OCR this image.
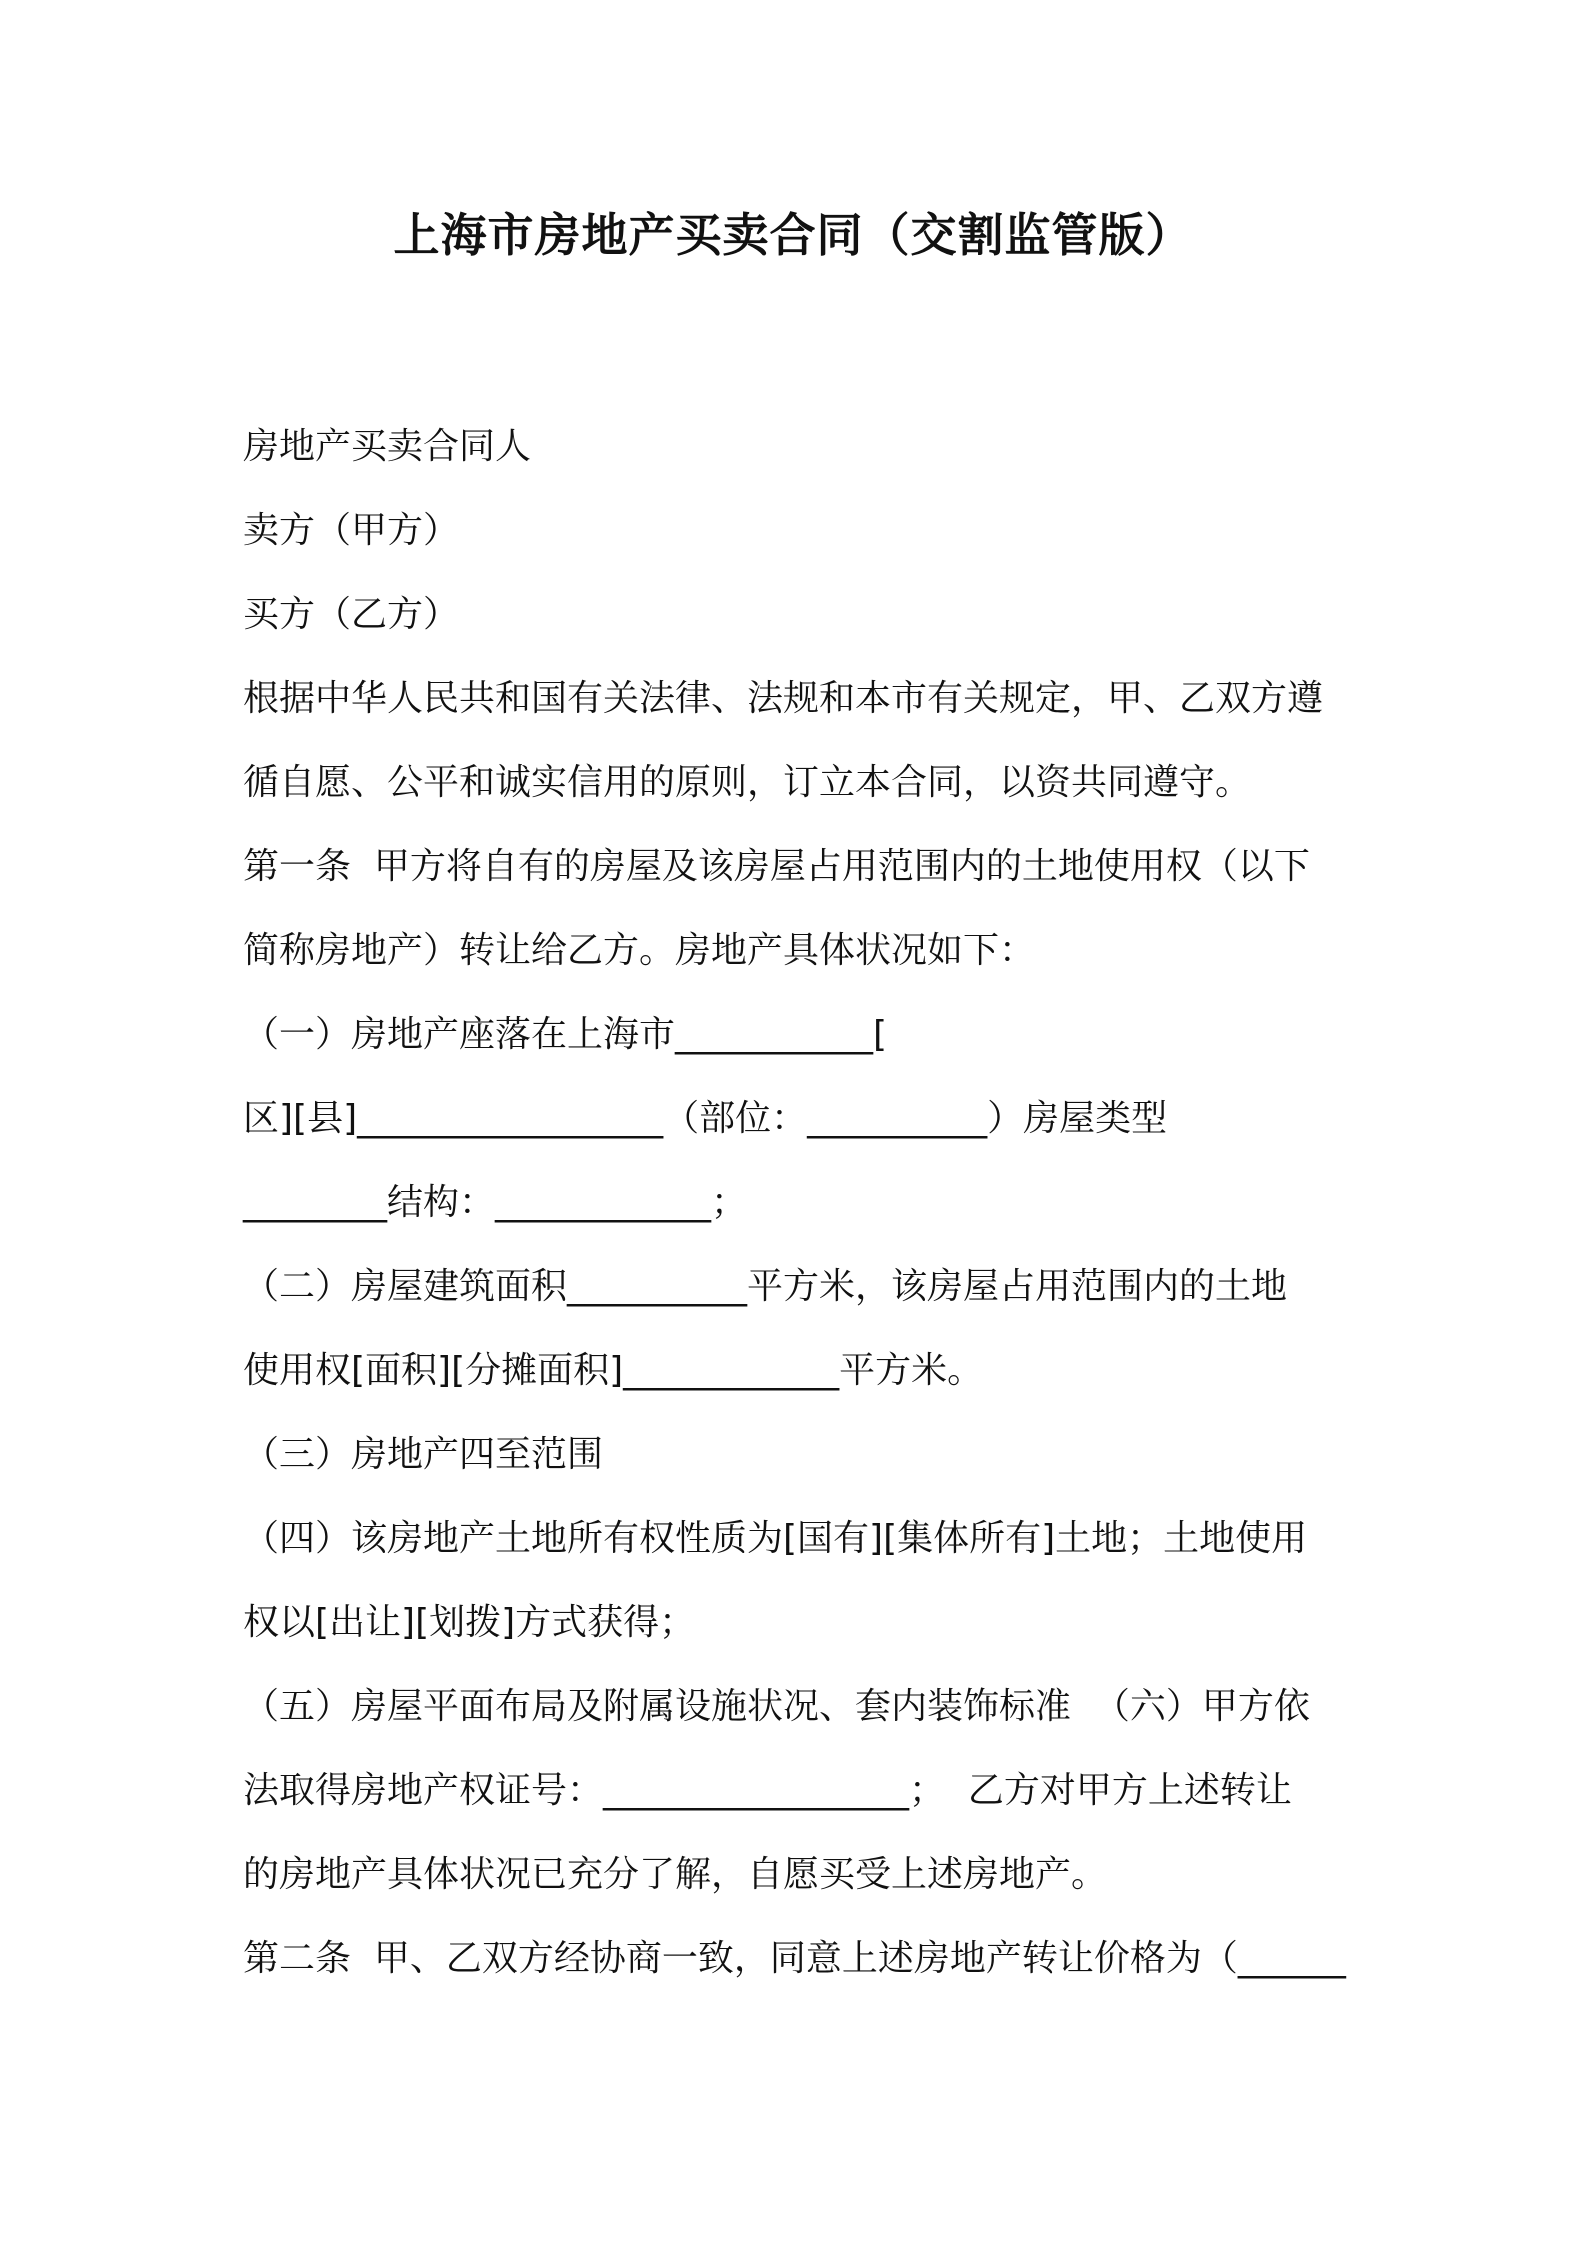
上海市房地产买卖合同（交割监管版）
房地产买卖合同人
卖方（甲方）
买方（乙方）
根据中华人民共和国有关法律、法规和本市有关规定，甲、乙双方遵
循自愿、公平和诚实信用的原则，订立本合同，以资共同遵守。
第一条  甲方将自有的房屋及该房屋占用范围内的土地使用权（以下
简称房地产）转让给乙方。房地产具体状况如下：
（一）房地产座落在上海市___________[
区][县]_________________（部位：__________）房屋类型
________结构：____________；
（二）房屋建筑面积__________平方米，该房屋占用范围内的土地
使用权[面积][分摊面积]____________平方米。
（三）房地产四至范围
（四）该房地产土地所有权性质为[国有][集体所有]土地；土地使用
权以[出让][划拨]方式获得；
（五）房屋平面布局及附属设施状况、套内装饰标准  （六）甲方依
法取得房地产权证号：_________________；  乙方对甲方上述转让
的房地产具体状况已充分了解，自愿买受上述房地产。
第二条  甲、乙双方经协商一致，同意上述房地产转让价格为（______
